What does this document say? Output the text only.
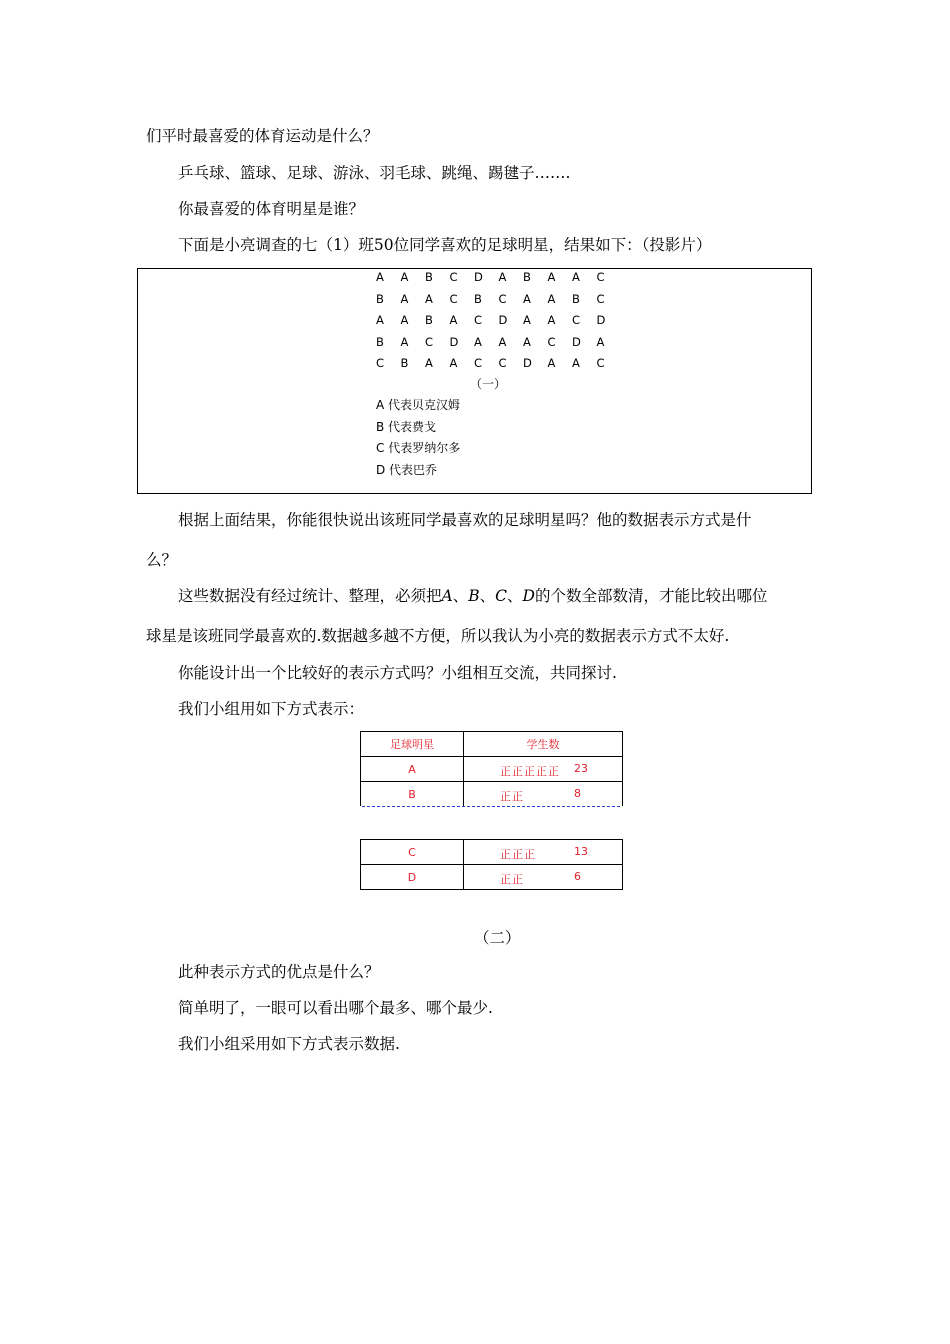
们平时最喜爱的体育运动是什么？
乒乓球、篮球、足球、游泳、羽毛球、跳绳、踢毽子…….
你最喜爱的体育明星是谁？
下面是小亮调查的七（1）班50位同学喜欢的足球明星，结果如下：（投影片）
A A B C D A B A A C
B A A C B C A A B C
A A B A C D A A C D
B A C D A A A C D A
C B A A C C D A A C
（一）
A 代表贝克汉姆
B 代表费戈
C 代表罗纳尔多
D 代表巴乔
根据上面结果，你能很快说出该班同学最喜欢的足球明星吗？他的数据表示方式是什
么？
这些数据没有经过统计、整理，必须把A、B、C、D的个数全部数清，才能比较出哪位
球星是该班同学最喜欢的.数据越多越不方便，所以我认为小亮的数据表示方式不太好.
你能设计出一个比较好的表示方式吗？小组相互交流，共同探讨.
我们小组用如下方式表示：
足球明星	学生数

A	正正正正正 23

B	正正 8
C	正正正 13

D	正正 6
（二）
此种表示方式的优点是什么？
简单明了，一眼可以看出哪个最多、哪个最少.
我们小组采用如下方式表示数据.
